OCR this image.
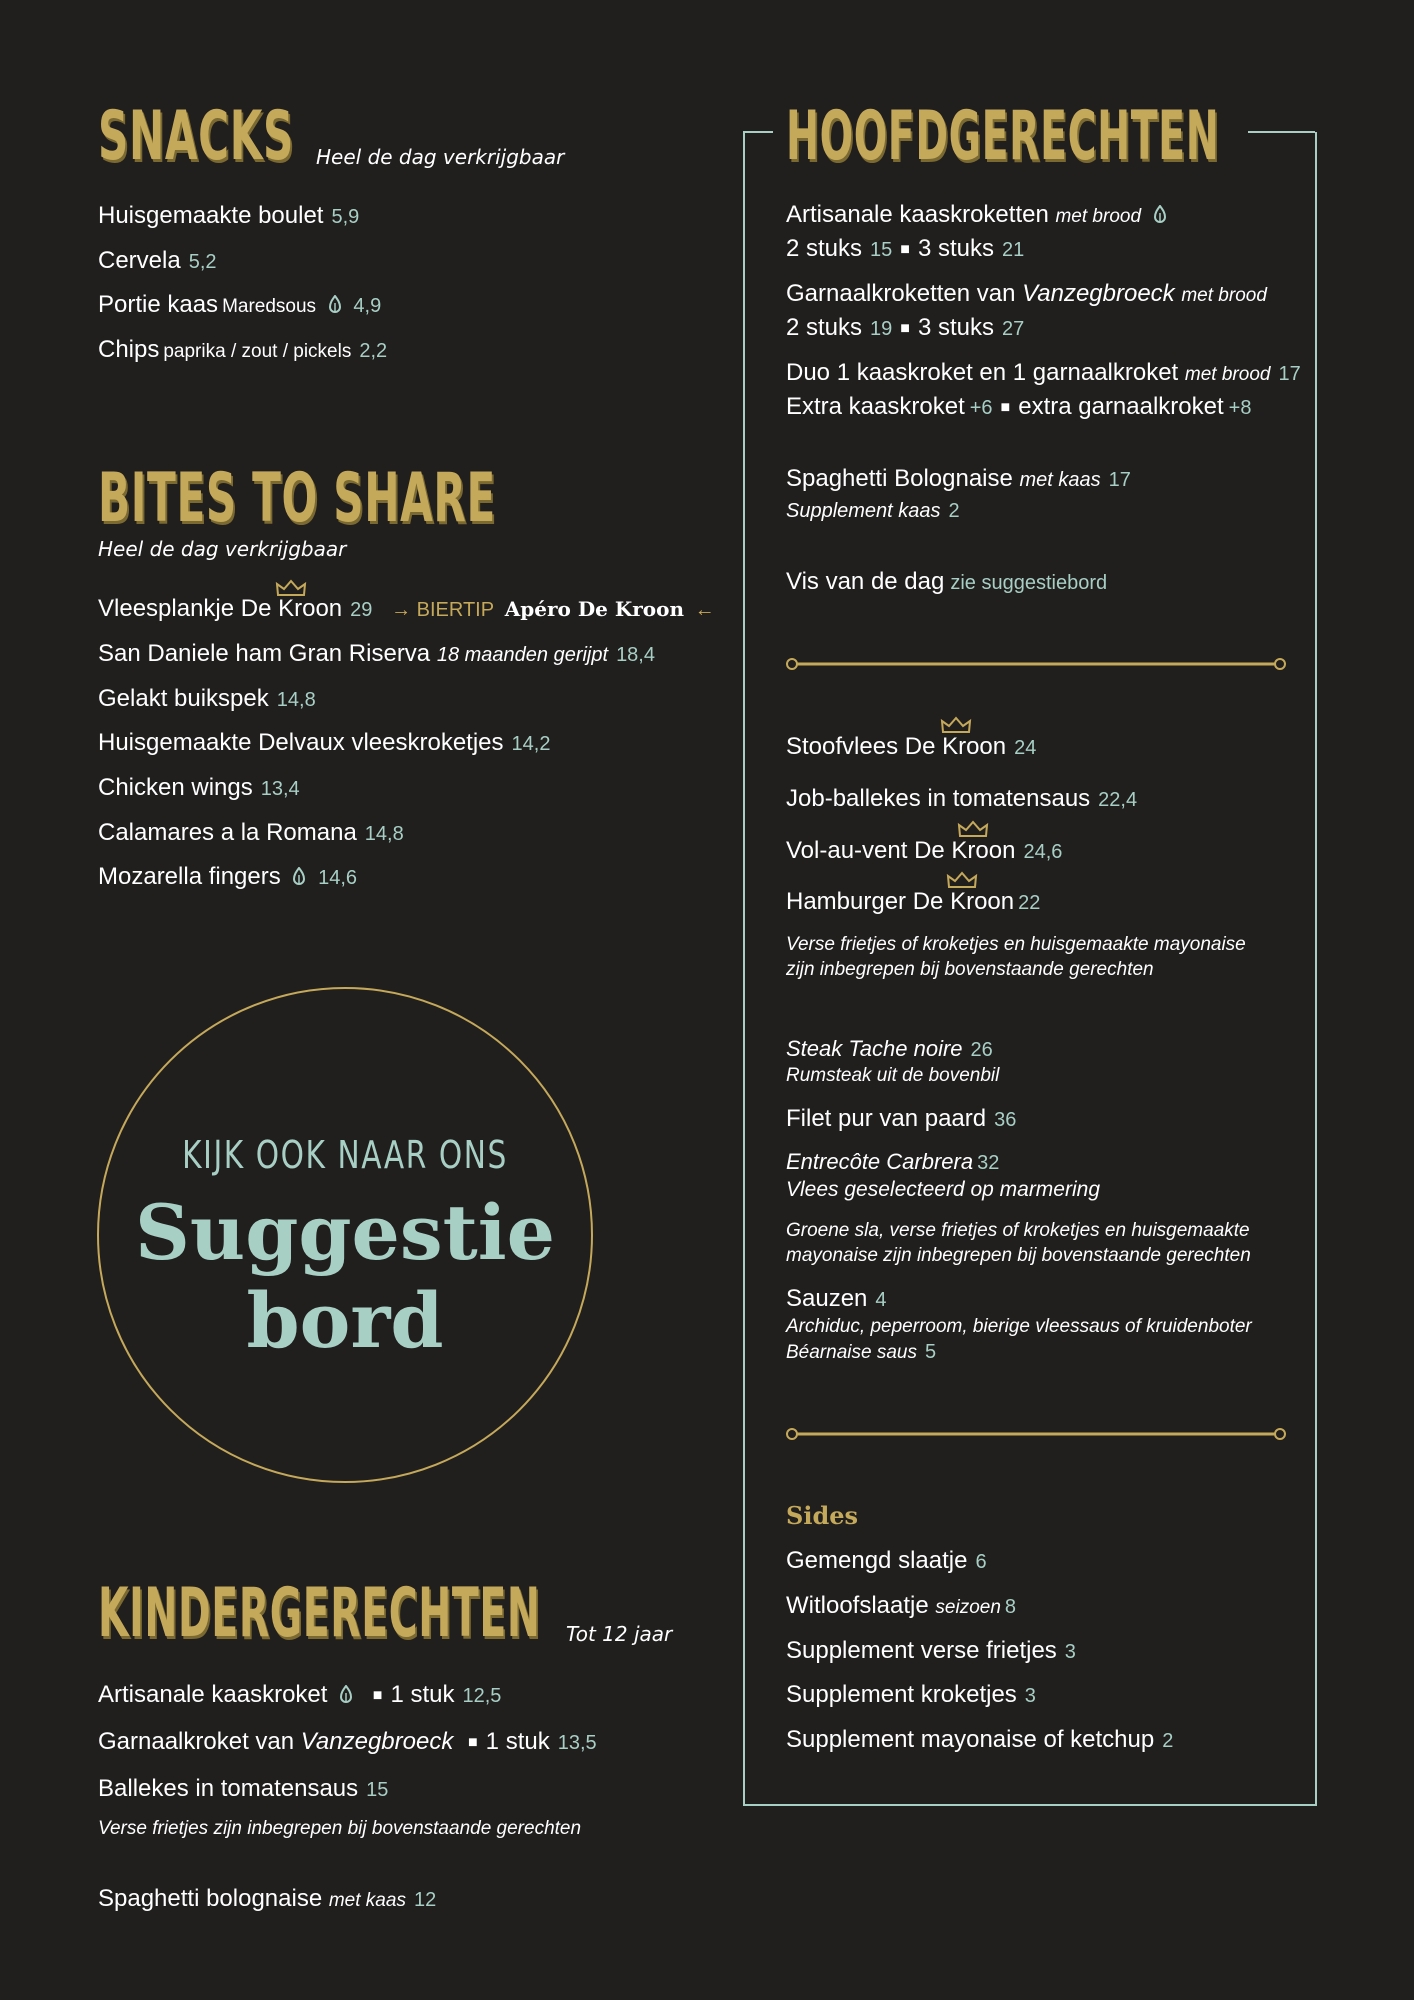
SNACKS Heel de dag verkrijgbaar
Huisgemaakte boulet 5,9
Cervela 5,2
Portie kaas Maredsous 4,9
Chips paprika / zout / pickels 2,2
BITES TO SHARE
Heel de dag verkrijgbaar
Vleesplankje De Kroon 29 → BIERTIP Apéro De Kroon ←
San Daniele ham Gran Riserva 18 maanden gerijpt 18,4
Gelakt buikspek 14,8
Huisgemaakte Delvaux vleeskroketjes 14,2
Chicken wings 13,4
Calamares a la Romana 14,8
Mozarella fingers 14,6
KIJK OOK NAAR ONS
Suggestie
bord
KINDERGERECHTEN Tot 12 jaar
Artisanale kaaskroket	■ 1 stuk 12,5
Garnaalkroket van Vanzegbroeck ■ 1 stuk 13,5
Ballekes in tomatensaus 15
Verse frietjes zijn inbegrepen bij bovenstaande gerechten
Spaghetti bolognaise met kaas 12
HOOFDGERECHTEN
Artisanale kaaskroketten met brood
2 stuks 15 ■ 3 stuks 21
Garnaalkroketten van Vanzegbroeck met brood
2 stuks 19 ■ 3 stuks 27
Duo 1 kaaskroket en 1 garnaalkroket met brood 17
Extra kaaskroket +6 ■ extra garnaalkroket +8
Spaghetti Bolognaise met kaas 17
Supplement kaas 2
Vis van de dag zie suggestiebord
Stoofvlees De Kroon 24
Job-ballekes in tomatensaus 22,4
Vol-au-vent De Kroon 24,6
Hamburger De Kroon 22
Verse frietjes of kroketjes en huisgemaakte mayonaise
zijn inbegrepen bij bovenstaande gerechten
Steak Tache noire 26
Rumsteak uit de bovenbil
Filet pur van paard 36
Entrecôte Carbrera 32
Vlees geselecteerd op marmering
Groene sla, verse frietjes of kroketjes en huisgemaakte
mayonaise zijn inbegrepen bij bovenstaande gerechten
Sauzen 4
Archiduc, peperroom, bierige vleessaus of kruidenboter
Béarnaise saus 5
Sides
Gemengd slaatje 6
Witloofslaatje seizoen 8
Supplement verse frietjes 3
Supplement kroketjes 3
Supplement mayonaise of ketchup 2
